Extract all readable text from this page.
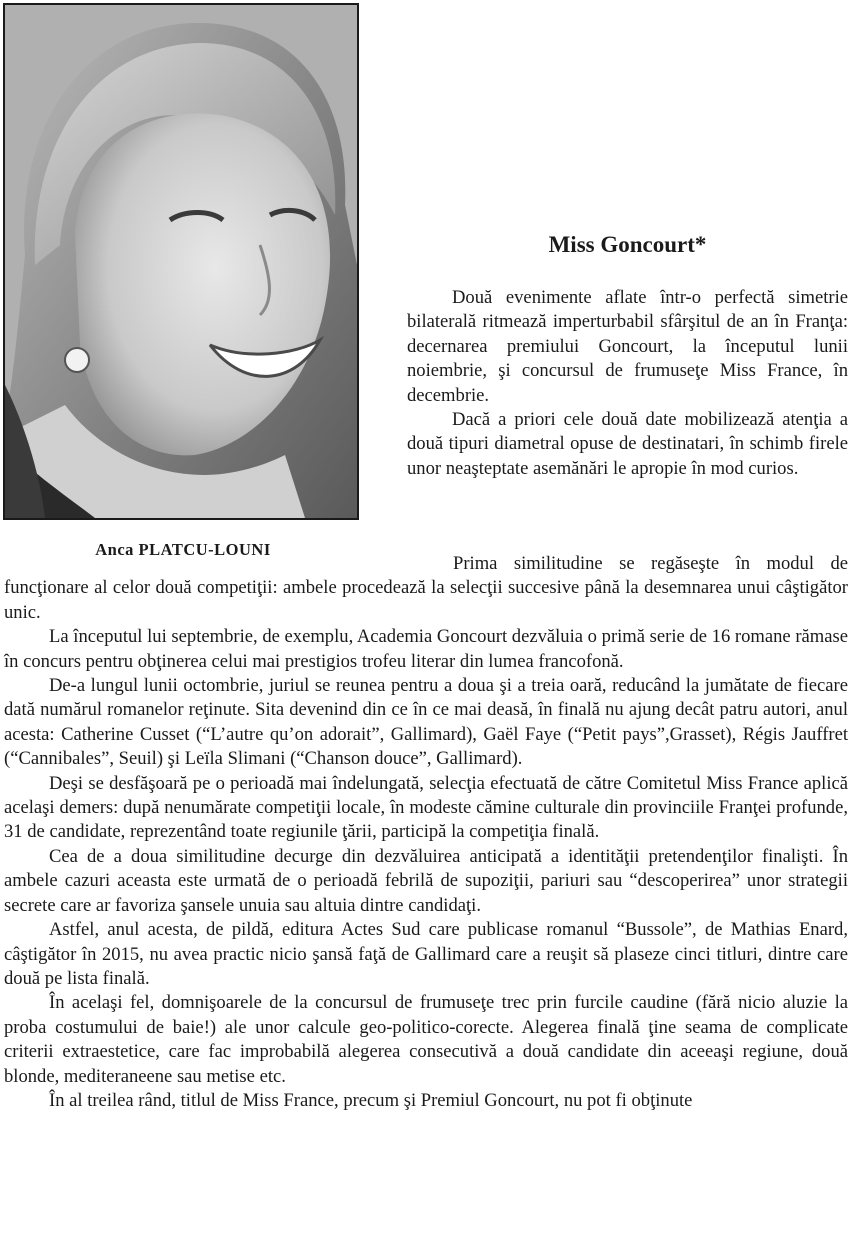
Anca PLATCU-LOUNI
Miss Goncourt*

Două evenimente aflate într-o perfectă simetrie bilaterală ritmează imperturbabil sfârşitul de an în Franţa: decernarea premiului Goncourt, la începutul lunii noiembrie, şi concursul de frumuseţe Miss France, în decembrie.

Dacă a priori cele două date mobilizează atenţia a două tipuri diametral opuse de destinatari, în schimb firele unor neaşteptate asemănări le apropie în mod curios.

Prima similitudine se regăseşte în modul de funcţionare al celor două competiţii: ambele procedează la selecţii succesive până la desemnarea unui câştigător unic.

La începutul lui septembrie, de exemplu, Academia Goncourt dezvăluia o primă serie de 16 romane rămase în concurs pentru obţinerea celui mai prestigios trofeu literar din lumea francofonă.

De-a lungul lunii octombrie, juriul se reunea pentru a doua şi a treia oară, reducând la jumătate de fiecare dată numărul romanelor reţinute. Sita devenind din ce în ce mai deasă, în finală nu ajung decât patru autori, anul acesta: Catherine Cusset (“L’autre qu’on adorait”, Gallimard), Gaël Faye (“Petit pays”,Grasset), Régis Jauffret (“Cannibales”, Seuil) şi Leïla Slimani (“Chanson douce”, Gallimard).

Deşi se desfăşoară pe o perioadă mai îndelungată, selecţia efectuată de către Comitetul Miss France aplică acelaşi demers: după nenumărate competiţii locale, în modeste cămine culturale din provinciile Franţei profunde, 31 de candidate, reprezentând toate regiunile ţării, participă la competiţia finală.

Cea de a doua similitudine decurge din dezvăluirea anticipată a identităţii pretendenţilor finalişti. În ambele cazuri aceasta este urmată de o perioadă febrilă de supoziţii, pariuri sau “descoperirea” unor strategii secrete care ar favoriza şansele unuia sau altuia dintre candidaţi.

Astfel, anul acesta, de pildă, editura Actes Sud care publicase romanul “Bussole”, de Mathias Enard, câştigător în 2015, nu avea practic nicio şansă faţă de Gallimard care a reuşit să plaseze cinci titluri, dintre care două pe lista finală.

În acelaşi fel, domnişoarele de la concursul de frumuseţe trec prin furcile caudine (fără nicio aluzie la proba costumului de baie!) ale unor calcule geo-politico-corecte. Alegerea finală ţine seama de complicate criterii extraestetice, care fac improbabilă alegerea consecutivă a două candidate din aceeaşi regiune, două blonde, mediteraneene sau metise etc.

În al treilea rând, titlul de Miss France, precum şi Premiul Goncourt, nu pot fi obţinute
